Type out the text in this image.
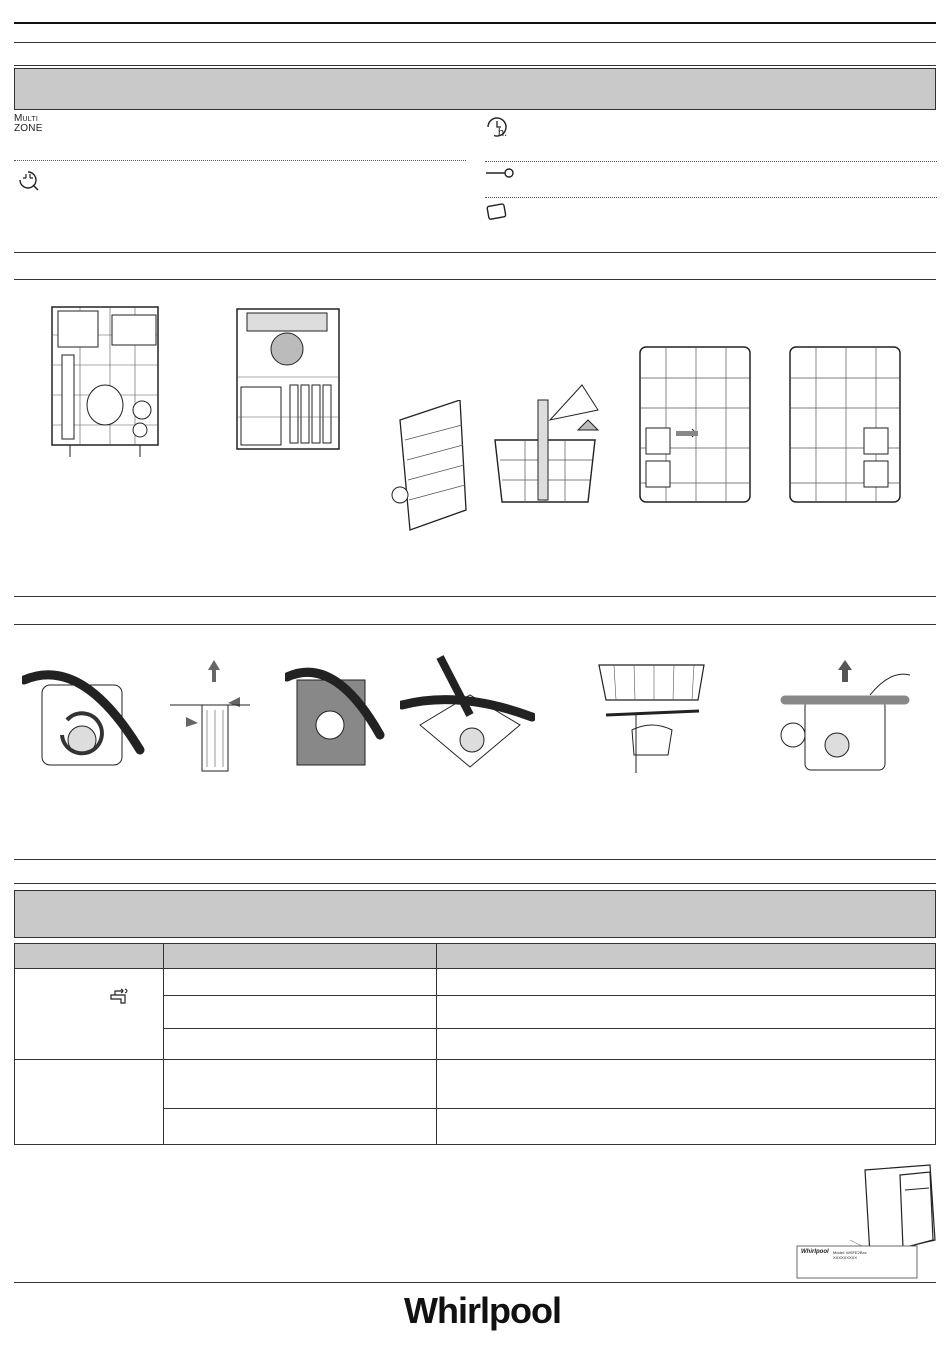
Multi
ZONE	h.

Whirlpool Model: WSFE2Bxx
XXXXXXXXX
Whirlpool
